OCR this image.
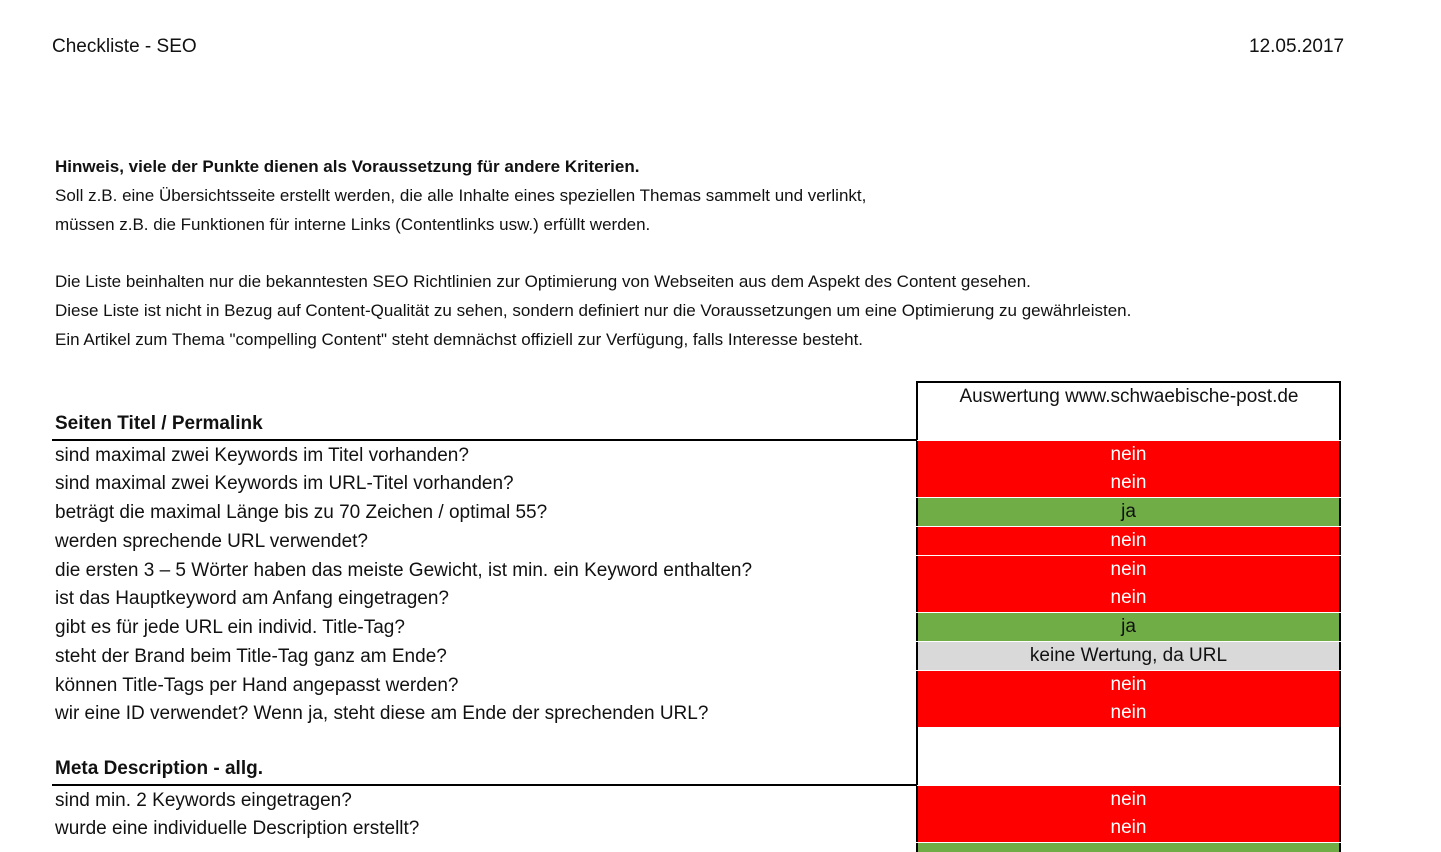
Checkliste - SEO	12.05.2017
Hinweis, viele der Punkte dienen als Voraussetzung für andere Kriterien.
Soll z.B. eine Übersichtsseite erstellt werden, die alle Inhalte eines speziellen Themas sammelt und verlinkt,
müssen z.B. die Funktionen für interne Links (Contentlinks usw.) erfüllt werden.
Die Liste beinhalten nur die bekanntesten SEO Richtlinien zur Optimierung von Webseiten aus dem Aspekt des Content gesehen.
Diese Liste ist nicht in Bezug auf Content-Qualität zu sehen, sondern definiert nur die Voraussetzungen um eine Optimierung zu gewährleisten.
Ein Artikel zum Thema "compelling Content" steht demnächst offiziell zur Verfügung, falls Interesse besteht.
Auswertung www.schwaebische-post.de
Seiten Titel / Permalink
sind maximal zwei Keywords im Titel vorhanden?	nein
sind maximal zwei Keywords im URL-Titel vorhanden?	nein
beträgt die maximal Länge bis zu 70 Zeichen / optimal 55?	ja
werden sprechende URL verwendet?	nein
die ersten 3 – 5 Wörter haben das meiste Gewicht, ist min. ein Keyword enthalten?	nein
ist das Hauptkeyword am Anfang eingetragen?	nein
gibt es für jede URL ein individ. Title-Tag?	ja
steht der Brand beim Title-Tag ganz am Ende?	keine Wertung, da URL
können Title-Tags per Hand angepasst werden?	nein
wir eine ID verwendet? Wenn ja, steht diese am Ende der sprechenden URL?	nein
Meta Description - allg.
sind min. 2 Keywords eingetragen?	nein
wurde eine individuelle Description erstellt?	nein
